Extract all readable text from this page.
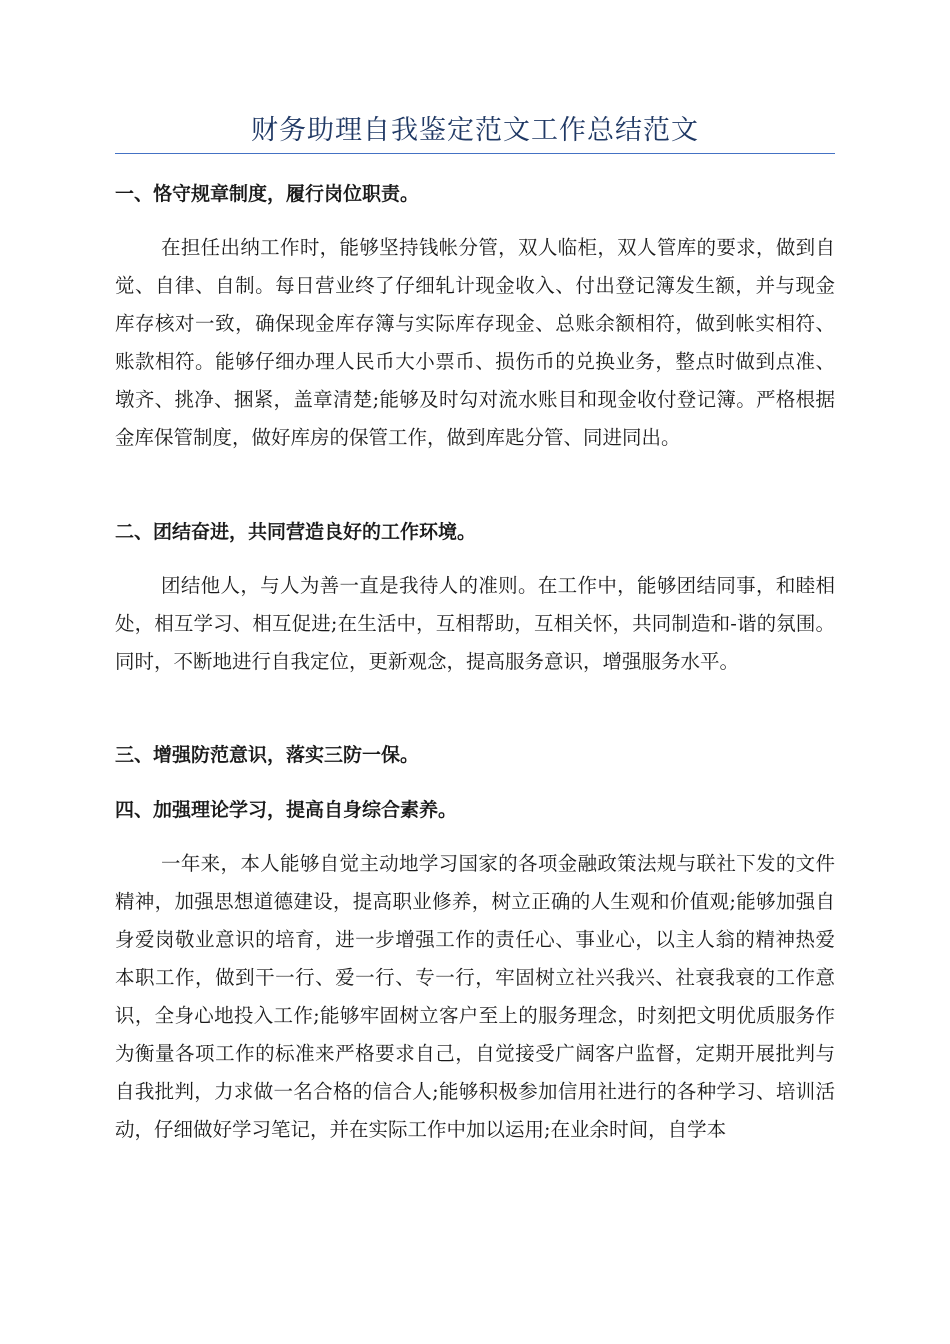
财务助理自我鉴定范文工作总结范文
一、恪守规章制度，履行岗位职责。
在担任出纳工作时，能够坚持钱帐分管，双人临柜，双人管库的要求，做到自觉、自律、自制。每日营业终了仔细轧计现金收入、付出登记簿发生额，并与现金库存核对一致，确保现金库存簿与实际库存现金、总账余额相符，做到帐实相符、账款相符。能够仔细办理人民币大小票币、损伤币的兑换业务，整点时做到点准、墩齐、挑净、捆紧，盖章清楚;能够及时勾对流水账目和现金收付登记簿。严格根据金库保管制度，做好库房的保管工作，做到库匙分管、同进同出。
二、团结奋进，共同营造良好的工作环境。
团结他人，与人为善一直是我待人的准则。在工作中，能够团结同事，和睦相处，相互学习、相互促进;在生活中，互相帮助，互相关怀，共同制造和-谐的氛围。同时，不断地进行自我定位，更新观念，提高服务意识，增强服务水平。
三、增强防范意识，落实三防一保。
四、加强理论学习，提高自身综合素养。
一年来，本人能够自觉主动地学习国家的各项金融政策法规与联社下发的文件精神，加强思想道德建设，提高职业修养，树立正确的人生观和价值观;能够加强自身爱岗敬业意识的培育，进一步增强工作的责任心、事业心，以主人翁的精神热爱本职工作，做到干一行、爱一行、专一行，牢固树立社兴我兴、社衰我衰的工作意识，全身心地投入工作;能够牢固树立客户至上的服务理念，时刻把文明优质服务作为衡量各项工作的标准来严格要求自己，自觉接受广阔客户监督，定期开展批判与自我批判，力求做一名合格的信合人;能够积极参加信用社进行的各种学习、培训活动，仔细做好学习笔记，并在实际工作中加以运用;在业余时间，自学本
